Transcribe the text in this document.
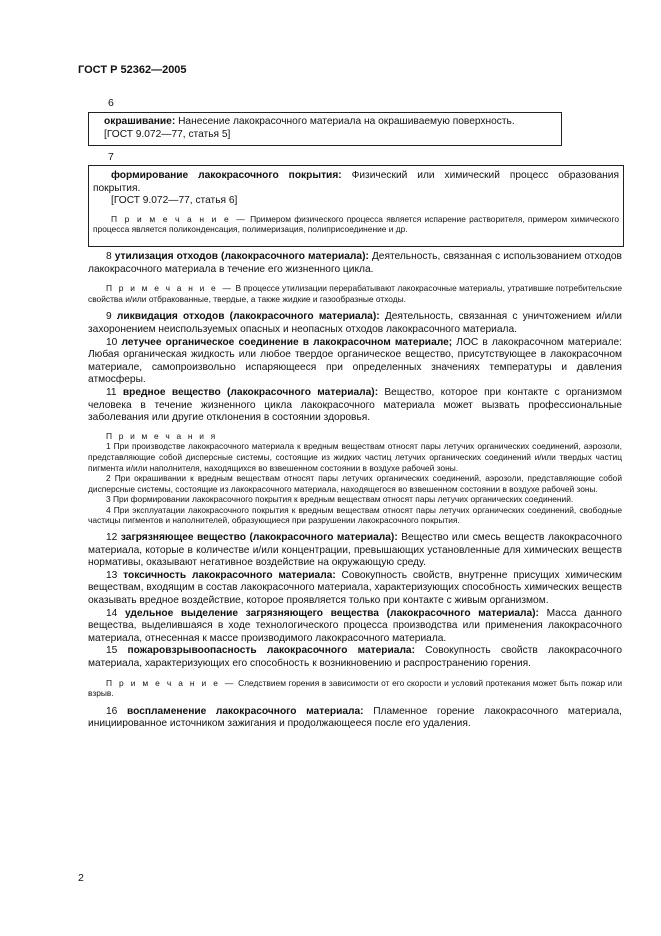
ГОСТ Р 52362—2005
6
окрашивание: Нанесение лакокрасочного материала на окрашиваемую поверхность.
[ГОСТ 9.072—77, статья 5]
7

формирование лакокрасочного покрытия: Физический или химический процесс образования покрытия.

[ГОСТ 9.072—77, статья 6]

П р и м е ч а н и е — Примером физического процесса является испарение растворителя, примером химического процесса является поликонденсация, полимеризация, полиприсоединение и др.

8 утилизация отходов (лакокрасочного материала): Деятельность, связанная с использованием отходов лакокрасочного материала в течение его жизненного цикла.

П р и м е ч а н и е — В процессе утилизации перерабатывают лакокрасочные материалы, утратившие потребительские свойства и/или отбракованные, твердые, а также жидкие и газообразные отходы.

9 ликвидация отходов (лакокрасочного материала): Деятельность, связанная с уничтожением и/или захоронением неиспользуемых опасных и неопасных отходов лакокрасочного материала.

10 летучее органическое соединение в лакокрасочном материале; ЛОС в лакокрасочном материале: Любая органическая жидкость или любое твердое органическое вещество, присутствующее в лакокрасочном материале, самопроизвольно испаряющееся при определенных значениях температуры и давления атмосферы.

11 вредное вещество (лакокрасочного материала): Вещество, которое при контакте с организмом человека в течение жизненного цикла лакокрасочного материала может вызвать профессиональные заболевания или другие отклонения в состоянии здоровья.

П р и м е ч а н и я

1 При производстве лакокрасочного материала к вредным веществам относят пары летучих органических соединений, аэрозоли, представляющие собой дисперсные системы, состоящие из жидких частиц летучих органических соединений и/или твердых частиц пигмента и/или наполнителя, находящихся во взвешенном состоянии в воздухе рабочей зоны.

2 При окрашивании к вредным веществам относят пары летучих органических соединений, аэрозоли, представляющие собой дисперсные системы, состоящие из лакокрасочного материала, находящегося во взвешенном состоянии в воздухе рабочей зоны.

3 При формировании лакокрасочного покрытия к вредным веществам относят пары летучих органических соединений.

4 При эксплуатации лакокрасочного покрытия к вредным веществам относят пары летучих органических соединений, свободные частицы пигментов и наполнителей, образующиеся при разрушении лакокрасочного покрытия.

12 загрязняющее вещество (лакокрасочного материала): Вещество или смесь веществ лакокрасочного материала, которые в количестве и/или концентрации, превышающих установленные для химических веществ нормативы, оказывают негативное воздействие на окружающую среду.

13 токсичность лакокрасочного материала: Совокупность свойств, внутренне присущих химическим веществам, входящим в состав лакокрасочного материала, характеризующих способность химических веществ оказывать вредное воздействие, которое проявляется только при контакте с живым организмом.

14 удельное выделение загрязняющего вещества (лакокрасочного материала): Масса данного вещества, выделившаяся в ходе технологического процесса производства или применения лакокрасочного материала, отнесенная к массе производимого лакокрасочного материала.

15 пожаровзрывоопасность лакокрасочного материала: Совокупность свойств лакокрасочного материала, характеризующих его способность к возникновению и распространению горения.

П р и м е ч а н и е — Следствием горения в зависимости от его скорости и условий протекания может быть пожар или взрыв.

16 воспламенение лакокрасочного материала: Пламенное горение лакокрасочного материала, инициированное источником зажигания и продолжающееся после его удаления.

2
